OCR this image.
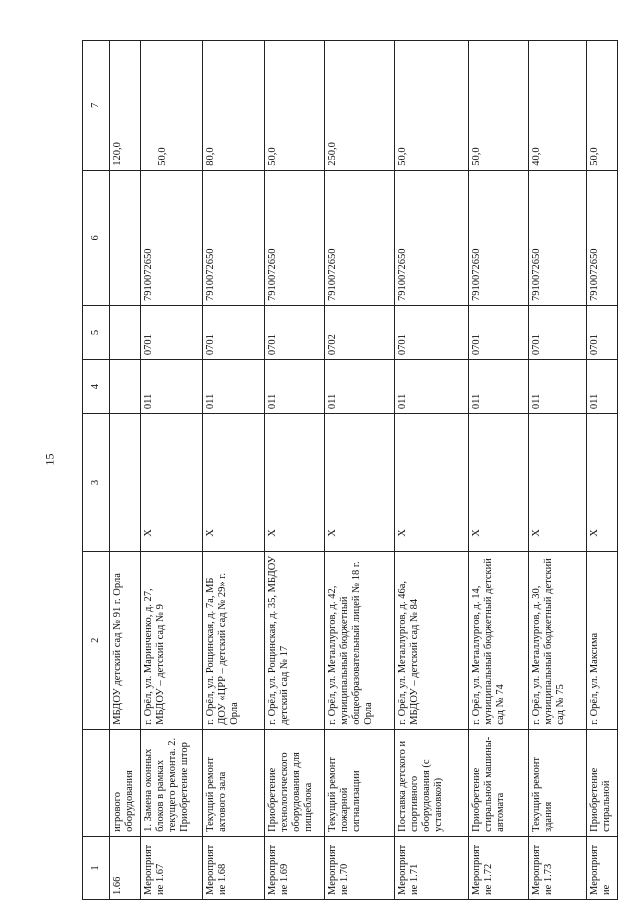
15
1		2	3	4	5	6	7
1.66	игрового оборудования	МБДОУ детский сад № 91 г. Орла					120,0

Мероприятие 1.67	1. Замена оконных блоков в рамках текущего ремонта. 2. Приобретение штор	г. Орёл, ул. Маринченко, д. 27, МБДОУ – детский сад № 9	Х	011	0701	7910072650	50,0

Мероприятие 1.68	Текущий ремонт актового зала	г. Орёл, ул. Рощинская, д. 7а, МБ ДОУ «ЦРР – детский сад № 29» г. Орла	Х	011	0701	7910072650	80,0

Мероприятие 1.69	Приобретение технологического оборудования для пищеблока	г. Орёл, ул. Рощинская, д. 35, МБДОУ детский сад № 17	Х	011	0701	7910072650	50,0

Мероприятие 1.70	Текущий ремонт пожарной сигнализации	г. Орёл, ул. Металлургов, д. 42, муниципальный бюджетный общеобразовательный лицей № 18 г. Орла	Х	011	0702	7910072650	250,0

Мероприятие 1.71	Поставка детского и спортивного оборудования (с установкой)	г. Орёл, ул. Металлургов, д. 46а, МБДОУ – детский сад № 84	Х	011	0701	7910072650	50,0

Мероприятие 1.72	Приобретение стиральной машины-автомата	г. Орёл, ул. Металлургов, д. 14, муниципальный бюджетный детский сад № 74	Х	011	0701	7910072650	50,0

Мероприятие 1.73	Текущий ремонт здания	г. Орёл, ул. Металлургов, д. 30, муниципальный бюджетный детский сад № 75	Х	011	0701	7910072650	40,0

Мероприятие	Приобретение стиральной	г. Орёл, ул. Максима	Х	011	0701	7910072650	50,0
